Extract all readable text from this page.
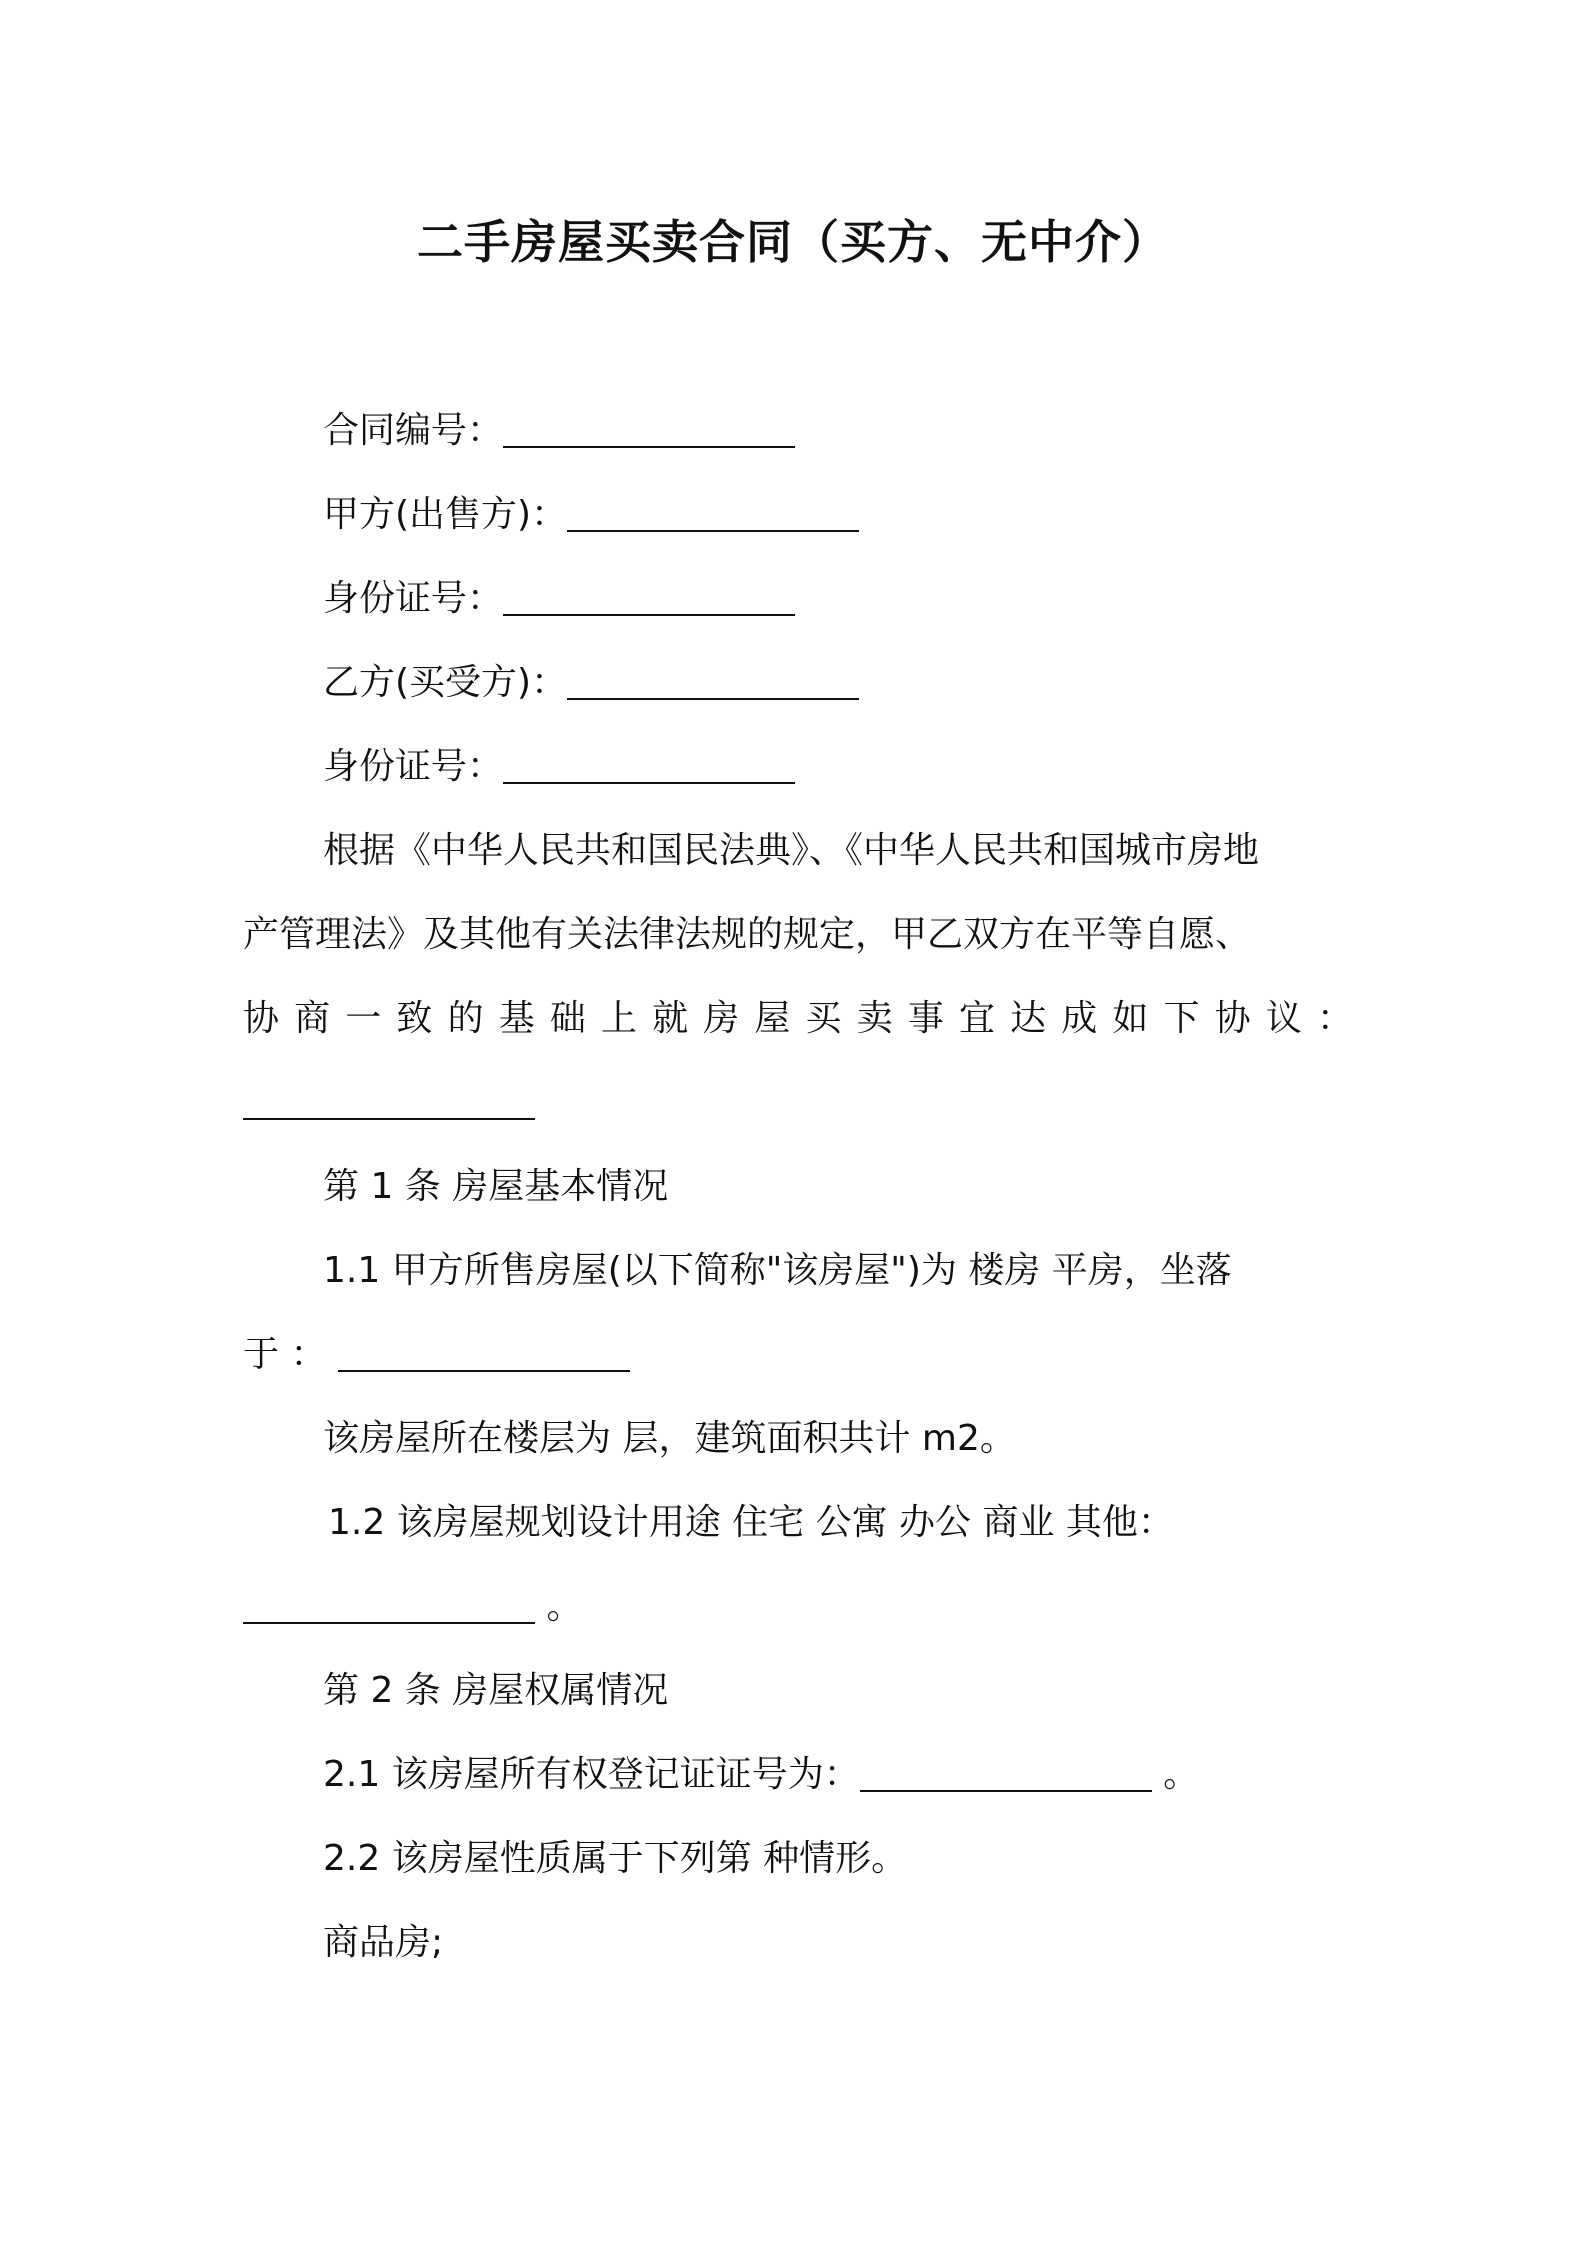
二手房屋买卖合同（买方、无中介）
合同编号：
甲方(出售方)：
身份证号：
乙方(买受方)：
身份证号：
根据《中华人民共和国民法典》、《中华人民共和国城市房地
产管理法》及其他有关法律法规的规定，甲乙双方在平等自愿、
协 商 一 致 的 基 础 上 就 房 屋 买 卖 事 宜 达 成 如 下 协 议 ：
第 1 条 房屋基本情况
1.1 甲方所售房屋(以下简称"该房屋")为 楼房 平房，坐落
于 ：
该房屋所在楼层为 层，建筑面积共计 m2。
1.2 该房屋规划设计用途 住宅 公寓 办公 商业 其他：
。
第 2 条 房屋权属情况
2.1 该房屋所有权登记证证号为：	。
2.2 该房屋性质属于下列第 种情形。
商品房;
